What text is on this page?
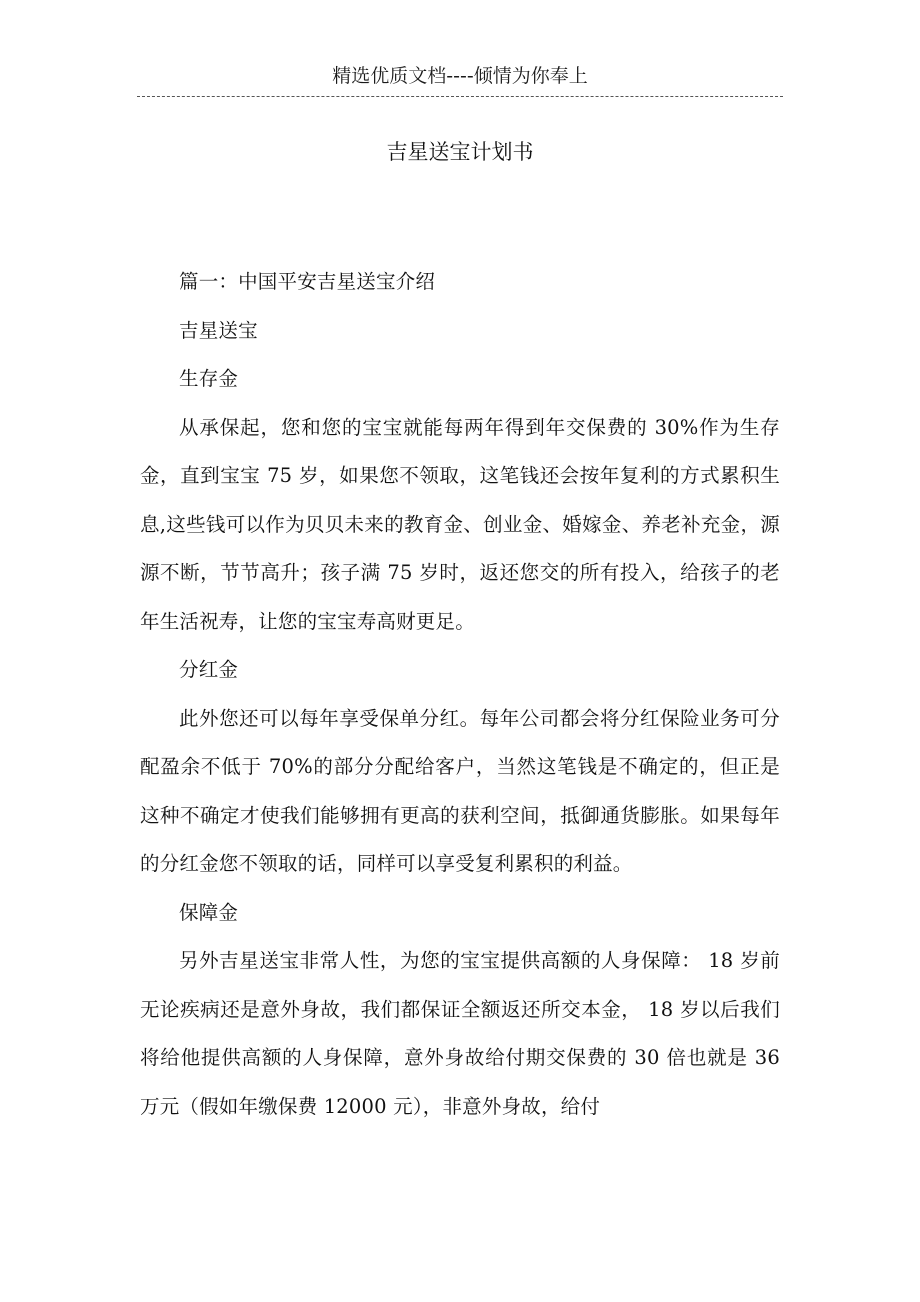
精选优质文档----倾情为你奉上
吉星送宝计划书

篇一：中国平安吉星送宝介绍

吉星送宝

生存金

从承保起，您和您的宝宝就能每两年得到年交保费的 30%作为生存金，直到宝宝 75 岁，如果您不领取，这笔钱还会按年复利的方式累积生息,这些钱可以作为贝贝未来的教育金、创业金、婚嫁金、养老补充金，源源不断，节节高升；孩子满 75 岁时，返还您交的所有投入，给孩子的老年生活祝寿，让您的宝宝寿高财更足。

分红金

此外您还可以每年享受保单分红。每年公司都会将分红保险业务可分配盈余不低于 70%的部分分配给客户，当然这笔钱是不确定的，但正是这种不确定才使我们能够拥有更高的获利空间，抵御通货膨胀。如果每年的分红金您不领取的话，同样可以享受复利累积的利益。

保障金

另外吉星送宝非常人性，为您的宝宝提供高额的人身保障： 18 岁前无论疾病还是意外身故，我们都保证全额返还所交本金， 18 岁以后我们将给他提供高额的人身保障，意外身故给付期交保费的 30 倍也就是 36 万元（假如年缴保费 12000 元），非意外身故，给付
